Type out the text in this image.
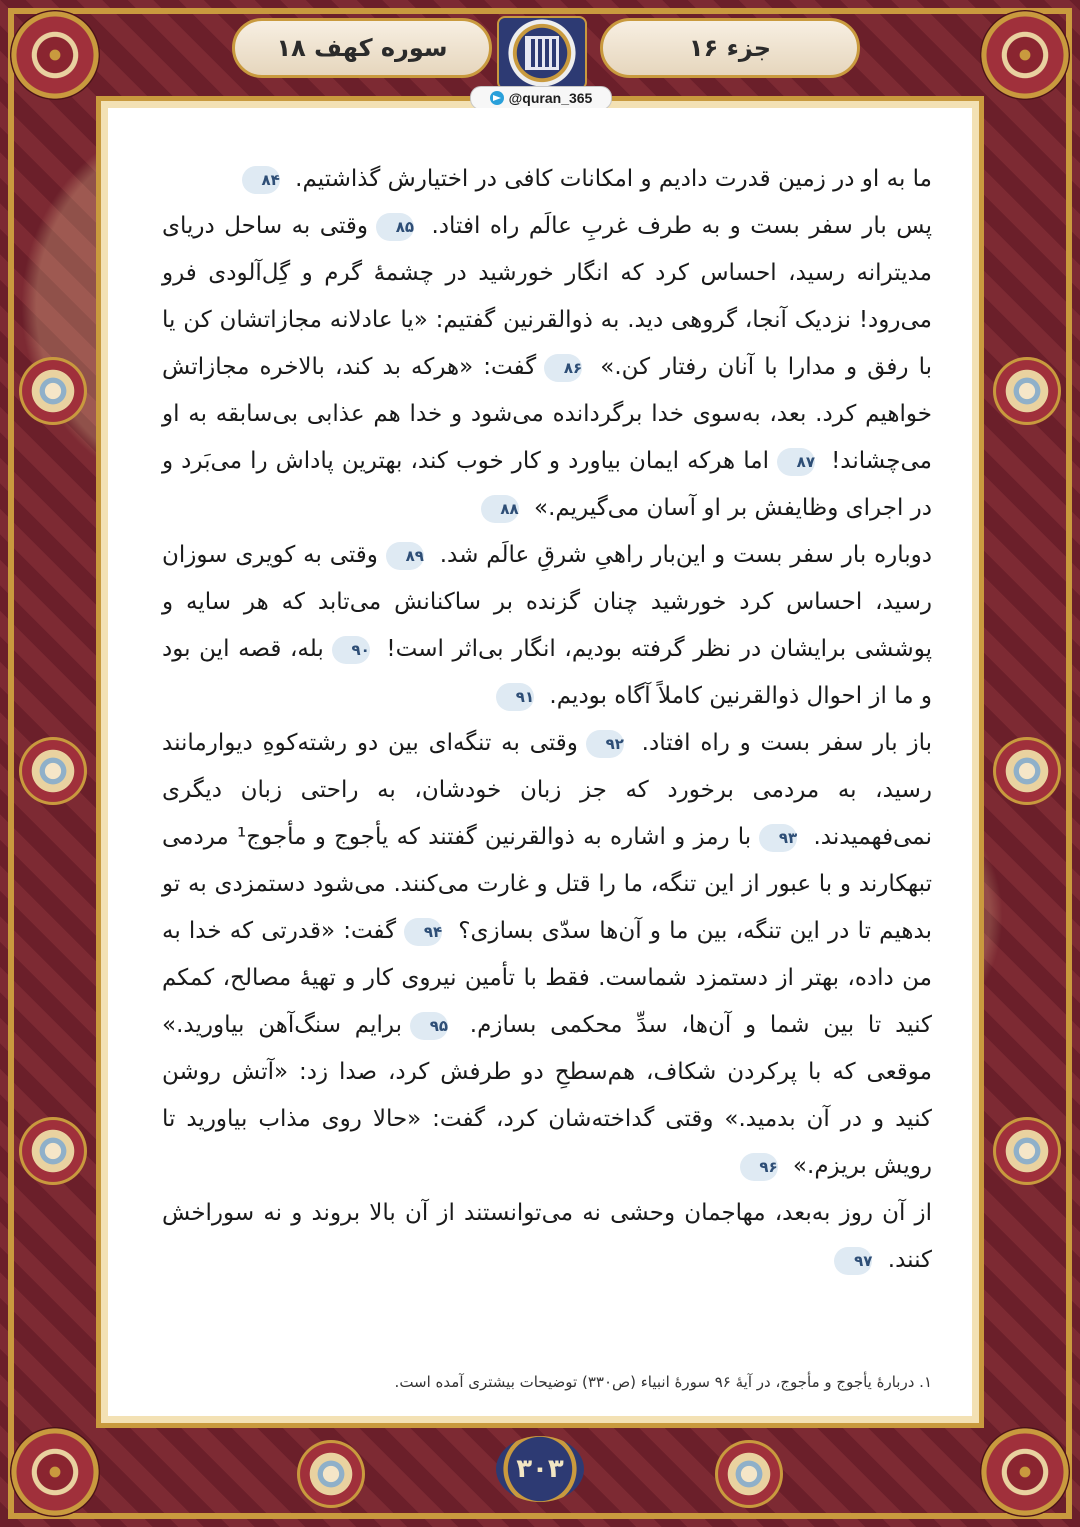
سوره کهف ۱۸	جزء ۱۶
@quran_365

ما به او در زمین قدرت دادیم و امکانات کافی در اختیارش گذاشتیم. ۸۴

پس بار سفر بست و به طرف غربِ عالَم راه افتاد. ۸۵وقتی به ساحل دریای مدیترانه رسید، احساس کرد که انگار خورشید در چشمهٔ گرم و گِل‌آلودی فرو می‌رود! نزدیک آنجا، گروهی دید. به ذوالقرنین گفتیم: «یا عادلانه مجازاتشان کن یا با رفق و مدارا با آنان رفتار کن.» ۸۶گفت: «هرکه بد کند، بالاخره مجازاتش خواهیم کرد. بعد، به‌سوی خدا برگردانده می‌شود و خدا هم عذابی بی‌سابقه به او می‌چشاند! ۸۷اما هرکه ایمان بیاورد و کار خوب کند، بهترین پاداش را می‌بَرد و در اجرای وظایفش بر او آسان می‌گیریم.» ۸۸

دوباره بار سفر بست و این‌بار راهیِ شرقِ عالَم شد. ۸۹وقتی به کویری سوزان رسید، احساس کرد خورشید چنان گزنده بر ساکنانش می‌تابد که هر سایه و پوششی برایشان در نظر گرفته بودیم، انگار بی‌اثر است! ۹۰بله، قصه این بود و ما از احوال ذوالقرنین کاملاً آگاه بودیم. ۹۱

باز بار سفر بست و راه افتاد. ۹۲وقتی به تنگه‌ای بین دو رشته‌کوهِ دیوارمانند رسید، به مردمی برخورد که جز زبان خودشان، به راحتی زبان دیگری نمی‌فهمیدند. ۹۳با رمز و اشاره به ذوالقرنین گفتند که یأجوج و مأجوج¹ مردمی تبهکارند و با عبور از این تنگه، ما را قتل و غارت می‌کنند. می‌شود دستمزدی به تو بدهیم تا در این تنگه، بین ما و آن‌ها سدّی بسازی؟ ۹۴گفت: «قدرتی که خدا به من داده، بهتر از دستمزد شماست. فقط با تأمین نیروی کار و تهیهٔ مصالح، کمکم کنید تا بین شما و آن‌ها، سدِّ محکمی بسازم. ۹۵برایم سنگ‌آهن بیاورید.» موقعی که با پرکردن شکاف، هم‌سطحِ دو طرفش کرد، صدا زد: «آتش روشن کنید و در آن بدمید.» وقتی گداخته‌شان کرد، گفت: «حالا روی مذاب بیاورید تا رویش بریزم.» ۹۶

از آن روز به‌بعد، مهاجمان وحشی نه می‌توانستند از آن بالا بروند و نه سوراخش کنند. ۹۷

۱. دربارهٔ یأجوج و مأجوج، در آیهٔ ۹۶ سورهٔ انبیاء (ص۳۳۰) توضیحات بیشتری آمده است.
۳۰۳
